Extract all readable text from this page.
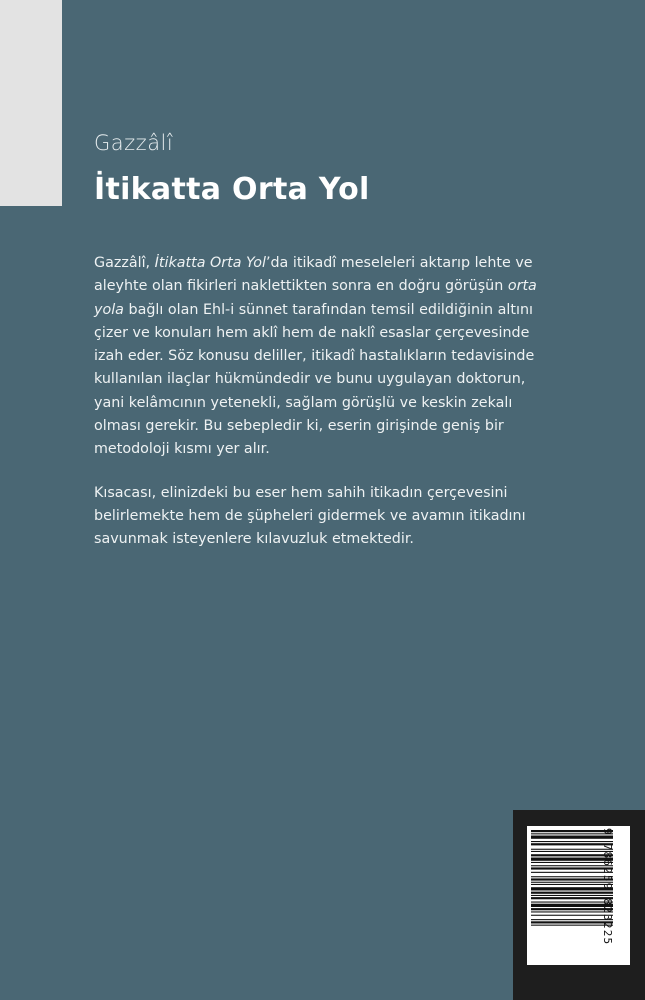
Gazzâlî
İtikatta Orta Yol

Gazzâlî, İtikatta Orta Yol’da itikadî meseleleri aktarıp lehte ve aleyhte olan fikirleri naklettikten sonra en doğru görüşün orta yola bağlı olan Ehl-i sünnet tarafından temsil edildiğinin altını çizer ve konuları hem aklî hem de naklî esaslar çerçevesinde izah eder. Söz konusu deliller, itikadî hastalıkların tedavisinde kullanılan ilaçlar hükmündedir ve bunu uygulayan doktorun, yani kelâmcının yetenekli, sağlam görüşlü ve keskin zekalı olması gerekir. Bu sebepledir ki, eserin girişinde geniş bir metodoloji kısmı yer alır.

Kısacası, elinizdeki bu eser hem sahih itikadın çerçevesini belirlemekte hem de şüpheleri gidermek ve avamın itikadını savunmak isteyenlere kılavuzluk etmektedir.

9 786259 823225
